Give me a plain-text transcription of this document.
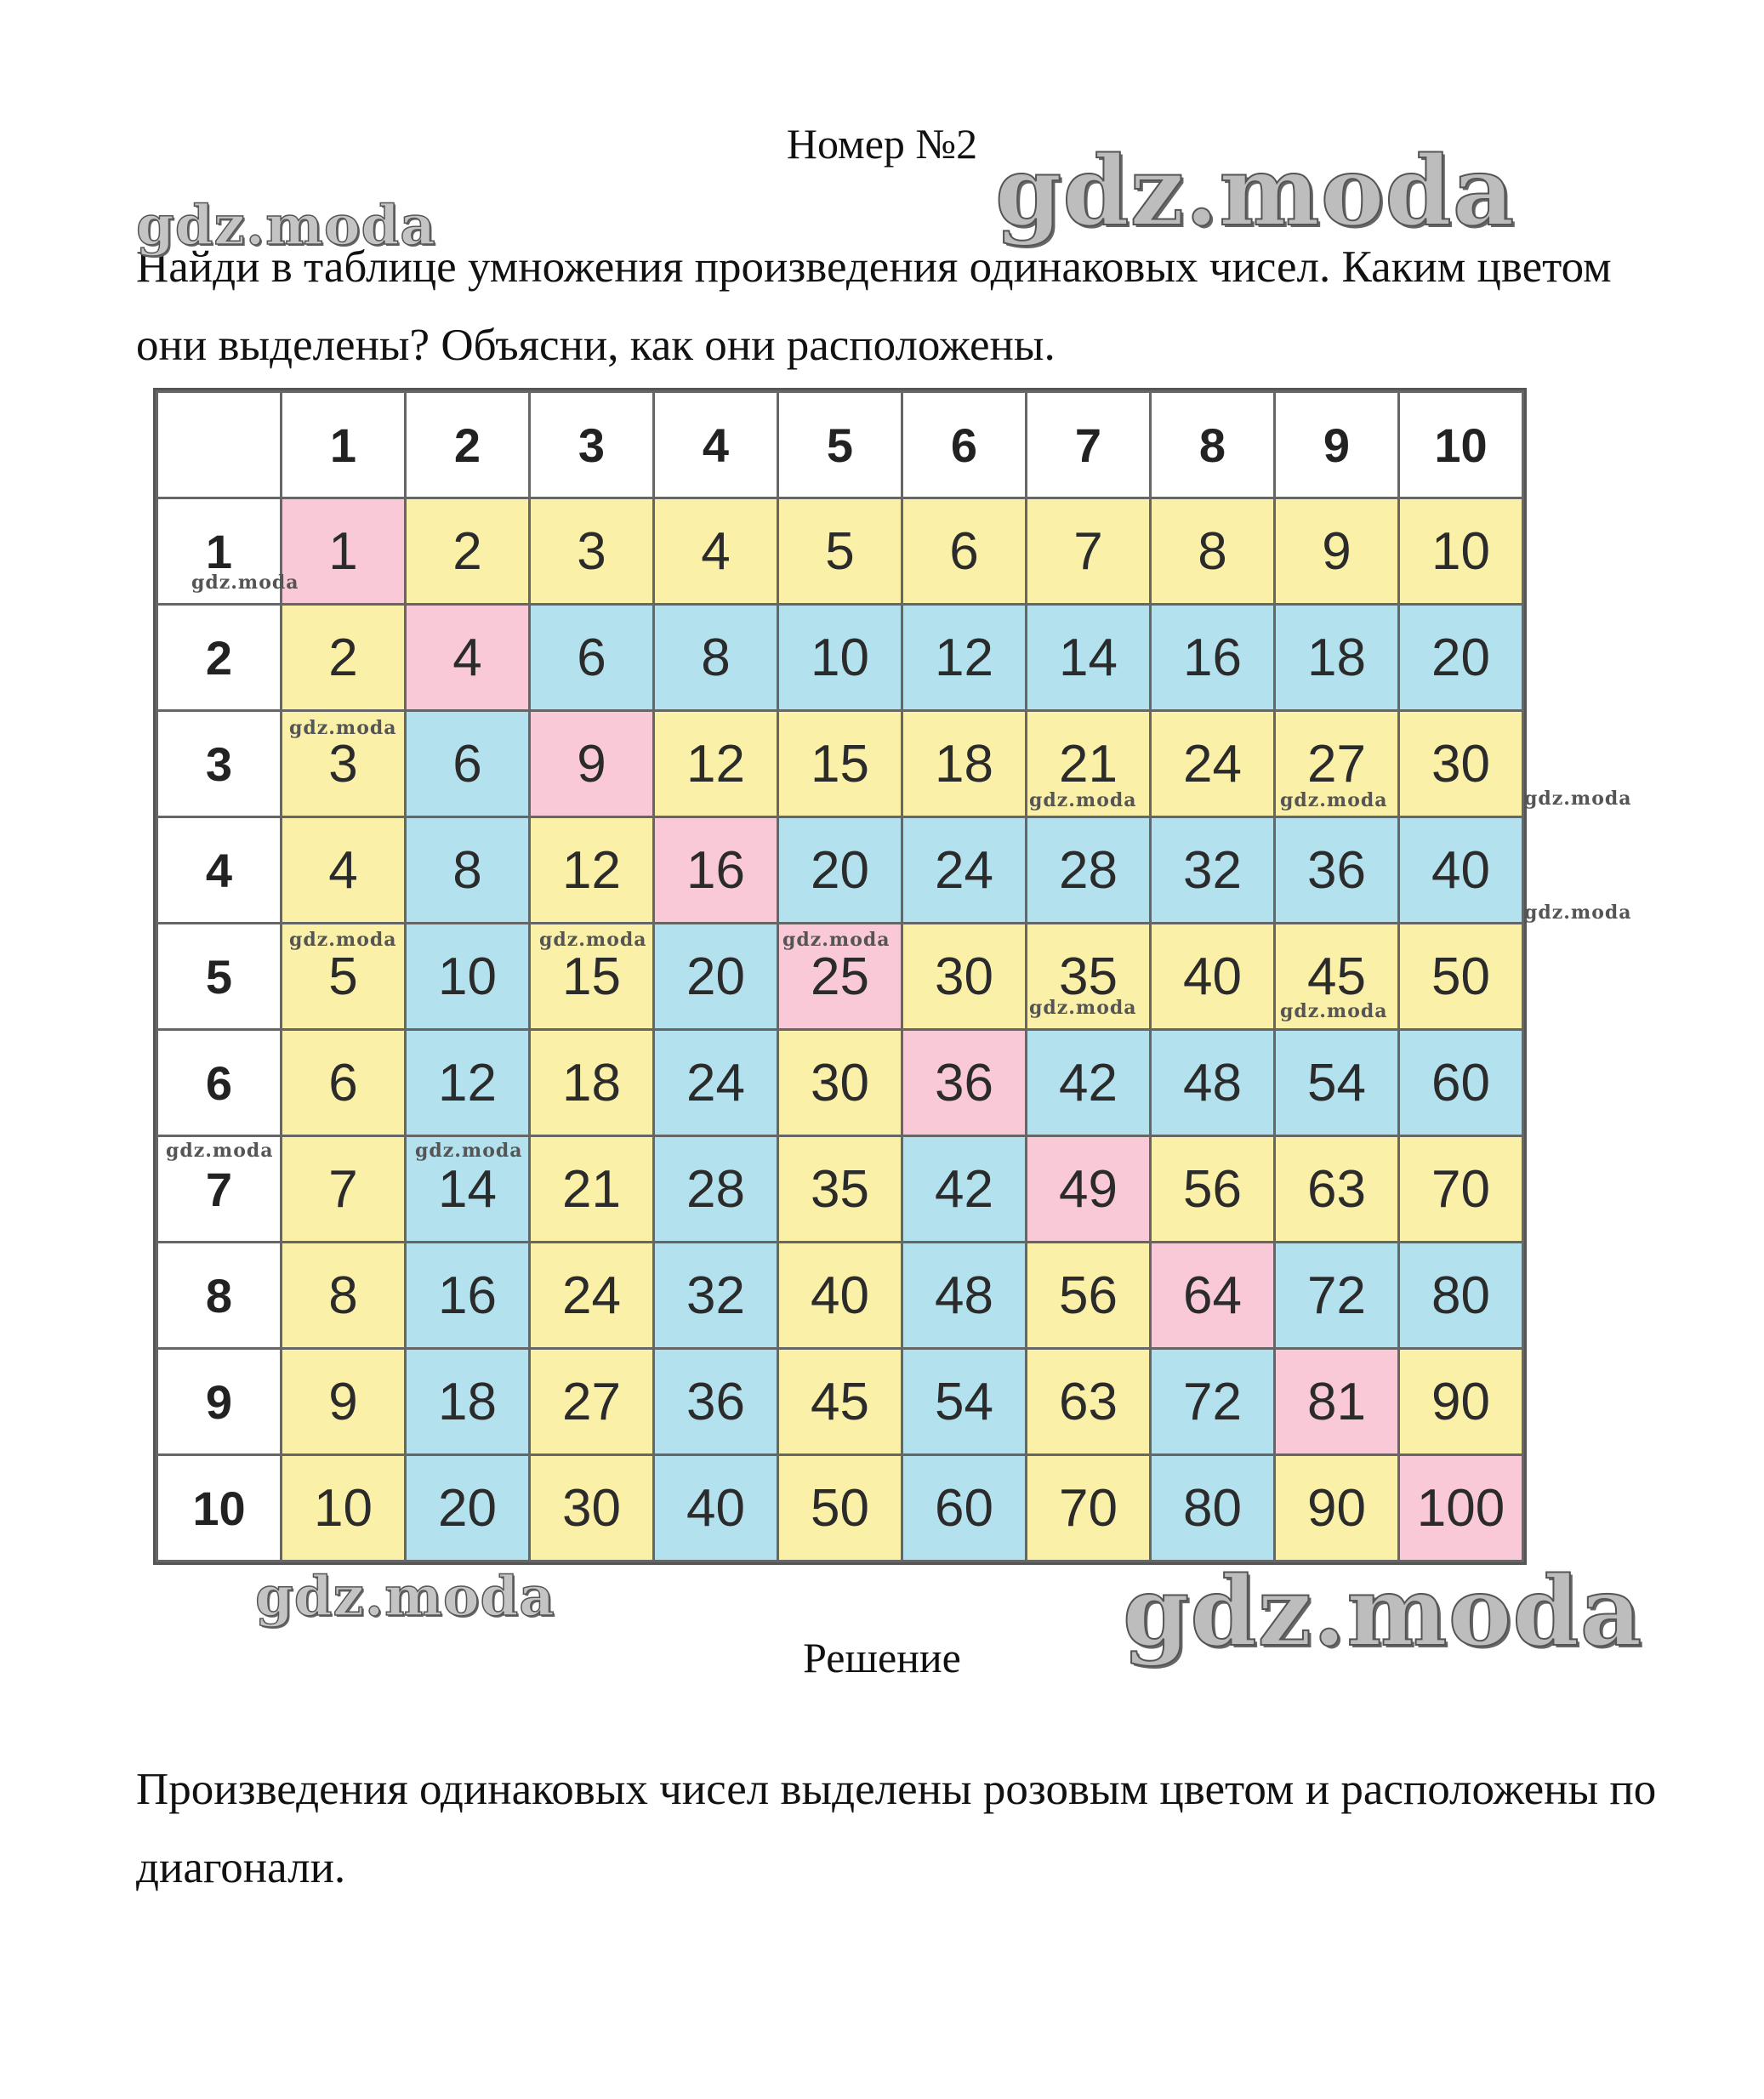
Номер №2
Найди в таблице умножения произведения одинаковых чисел. Каким цветом они выделены? Объясни, как они расположены.
	1	2	3	4	5	6	7	8	9	10
1	1	2	3	4	5	6	7	8	9	10
2	2	4	6	8	10	12	14	16	18	20
3	3	6	9	12	15	18	21	24	27	30
4	4	8	12	16	20	24	28	32	36	40
5	5	10	15	20	25	30	35	40	45	50
6	6	12	18	24	30	36	42	48	54	60
7	7	14	21	28	35	42	49	56	63	70
8	8	16	24	32	40	48	56	64	72	80
9	9	18	27	36	45	54	63	72	81	90
10	10	20	30	40	50	60	70	80	90	100
Решение
Произведения одинаковых чисел выделены розовым цветом и расположены по диагонали.
gdz.moda
gdz.moda
gdz.moda	gdz.moda
gdz.moda
gdz.moda
gdz.moda	gdz.moda	gdz.moda
gdz.moda
gdz.moda	gdz.moda	gdz.moda
gdz.moda	gdz.moda
gdz.moda	gdz.moda
